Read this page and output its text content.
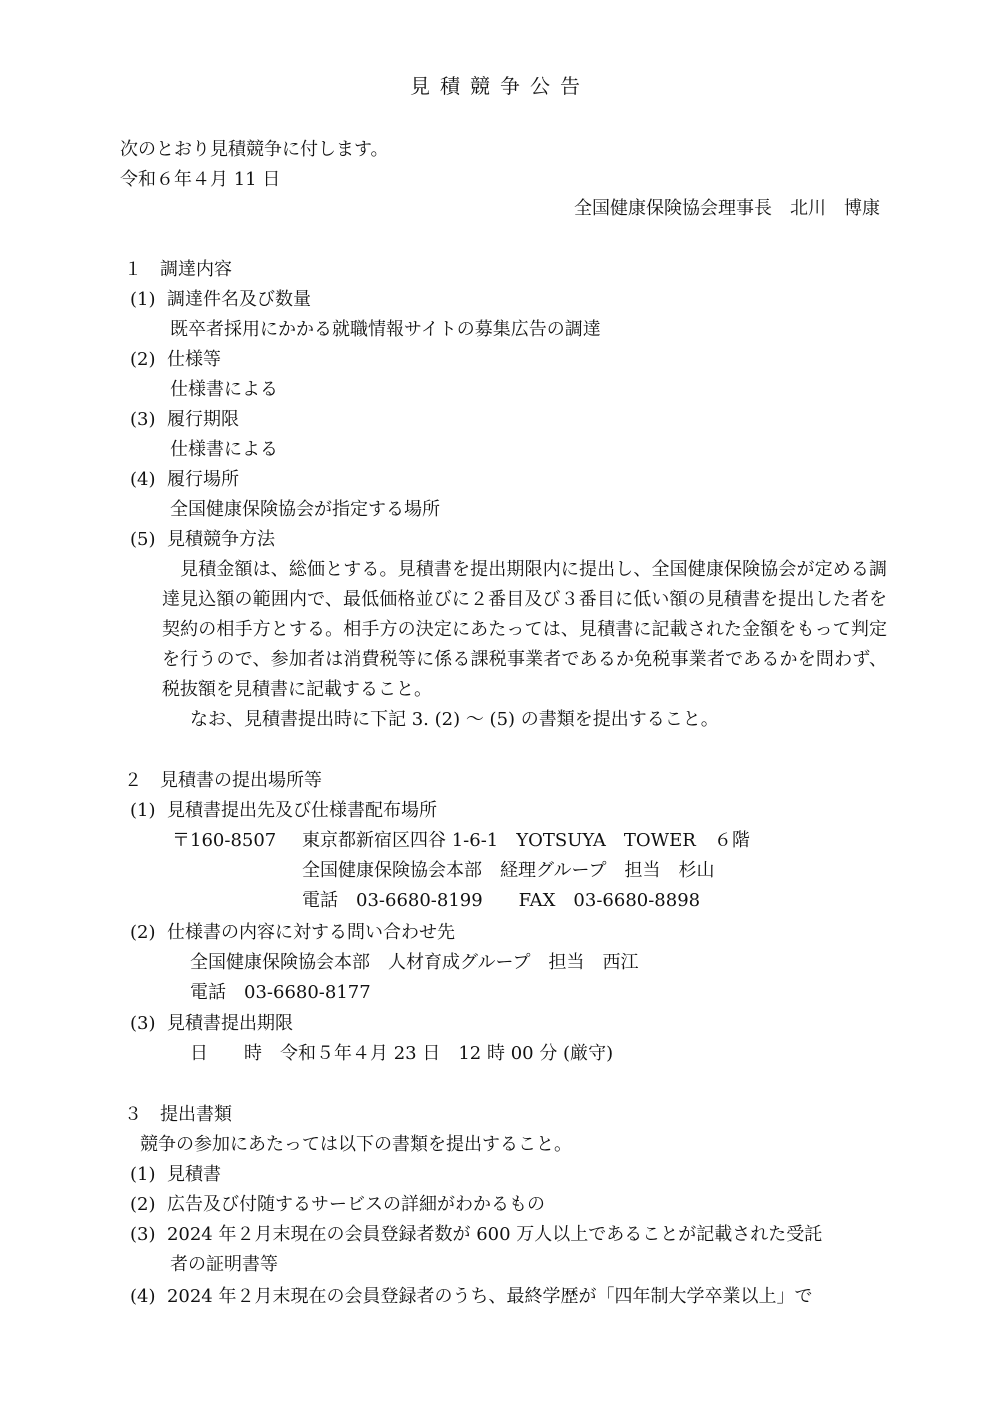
見積競争公告
次のとおり見積競争に付します。
令和６年４月 11 日
全国健康保険協会理事長　北川　博康
１　調達内容
(1)  調達件名及び数量
既卒者採用にかかる就職情報サイトの募集広告の調達
(2)  仕様等
仕様書による
(3)  履行期限
仕様書による
(4)  履行場所
全国健康保険協会が指定する場所
(5)  見積競争方法
　見積金額は、総価とする。見積書を提出期限内に提出し、全国健康保険協会が定める調達見込額の範囲内で、最低価格並びに２番目及び３番目に低い額の見積書を提出した者を契約の相手方とする。相手方の決定にあたっては、見積書に記載された金額をもって判定を行うので、参加者は消費税等に係る課税事業者であるか免税事業者であるかを問わず、税抜額を見積書に記載すること。
なお、見積書提出時に下記 3. (2) ～ (5) の書類を提出すること。
２　見積書の提出場所等
(1)  見積書提出先及び仕様書配布場所
〒160-8507 東京都新宿区四谷 1-6-1　YOTSUYA　TOWER　６階
全国健康保険協会本部　経理グループ　担当　杉山
電話　03-6680-8199　　FAX　03-6680-8898
(2)  仕様書の内容に対する問い合わせ先
全国健康保険協会本部　人材育成グループ　担当　西江
電話　03-6680-8177
(3)  見積書提出期限
日　　時　令和５年４月 23 日　12 時 00 分 (厳守)
３　提出書類
競争の参加にあたっては以下の書類を提出すること。
(1)  見積書
(2)  広告及び付随するサービスの詳細がわかるもの
(3)  2024 年２月末現在の会員登録者数が 600 万人以上であることが記載された受託
者の証明書等
(4)  2024 年２月末現在の会員登録者のうち、最終学歴が「四年制大学卒業以上」で
